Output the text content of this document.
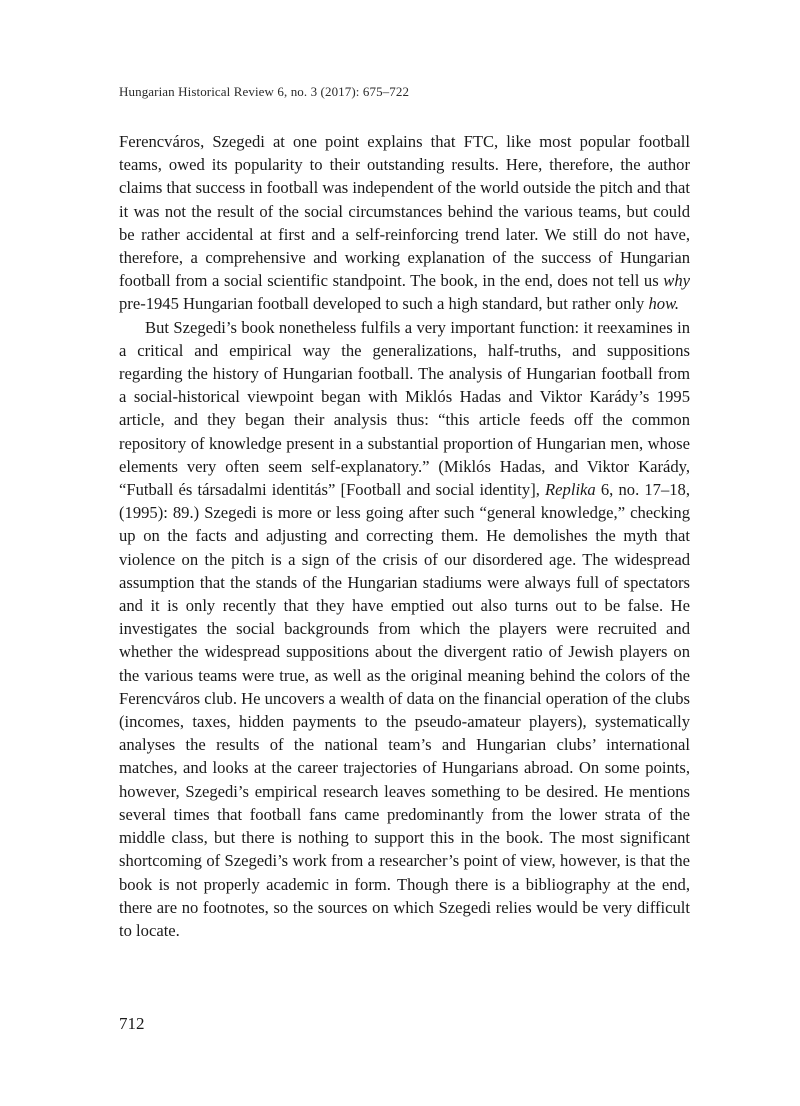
Hungarian Historical Review 6, no. 3 (2017): 675–722

Ferencváros, Szegedi at one point explains that FTC, like most popular football teams, owed its popularity to their outstanding results. Here, therefore, the author claims that success in football was independent of the world outside the pitch and that it was not the result of the social circumstances behind the various teams, but could be rather accidental at first and a self-reinforcing trend later. We still do not have, therefore, a comprehensive and working explanation of the success of Hungarian football from a social scientific standpoint. The book, in the end, does not tell us why pre-1945 Hungarian football developed to such a high standard, but rather only how.

But Szegedi’s book nonetheless fulfils a very important function: it reexamines in a critical and empirical way the generalizations, half-truths, and suppositions regarding the history of Hungarian football. The analysis of Hungarian football from a social-historical viewpoint began with Miklós Hadas and Viktor Karády’s 1995 article, and they began their analysis thus: “this article feeds off the common repository of knowledge present in a substantial proportion of Hungarian men, whose elements very often seem self-explanatory.” (Miklós Hadas, and Viktor Karády, “Futball és társadalmi identitás” [Football and social identity], Replika 6, no. 17–18, (1995): 89.) Szegedi is more or less going after such “general knowledge,” checking up on the facts and adjusting and correcting them. He demolishes the myth that violence on the pitch is a sign of the crisis of our disordered age. The widespread assumption that the stands of the Hungarian stadiums were always full of spectators and it is only recently that they have emptied out also turns out to be false. He investigates the social backgrounds from which the players were recruited and whether the widespread suppositions about the divergent ratio of Jewish players on the various teams were true, as well as the original meaning behind the colors of the Ferencváros club. He uncovers a wealth of data on the financial operation of the clubs (incomes, taxes, hidden payments to the pseudo-amateur players), systematically analyses the results of the national team’s and Hungarian clubs’ international matches, and looks at the career trajectories of Hungarians abroad. On some points, however, Szegedi’s empirical research leaves something to be desired. He mentions several times that football fans came predominantly from the lower strata of the middle class, but there is nothing to support this in the book. The most significant shortcoming of Szegedi’s work from a researcher’s point of view, however, is that the book is not properly academic in form. Though there is a bibliography at the end, there are no footnotes, so the sources on which Szegedi relies would be very difficult to locate.

712
